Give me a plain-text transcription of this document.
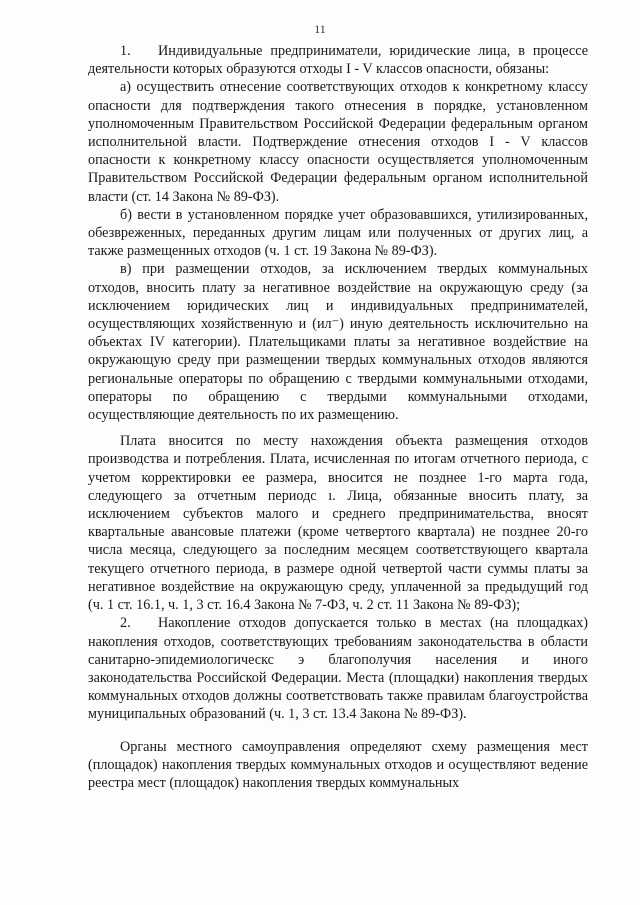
11

1. Индивидуальные предприниматели, юридические лица, в процессе деятельности которых образуются отходы I - V классов опасности, обязаны:

а) осуществить отнесение соответствующих отходов к конкретному классу опасности для подтверждения такого отнесения в порядке, установленном уполномоченным Правительством Российской Федерации федеральным органом исполнительной власти. Подтверждение отнесения отходов I - V классов опасности к конкретному классу опасности осуществляется уполномоченным Правительством Российской Федерации федеральным органом исполнительной власти (ст. 14 Закона № 89-ФЗ).

б) вести в установленном порядке учет образовавшихся, утилизированных, обезвреженных, переданных другим лицам или полученных от других лиц, а также размещенных отходов (ч. 1 ст. 19 Закона № 89-ФЗ).

в) при размещении отходов, за исключением твердых коммунальных отходов, вносить плату за негативное воздействие на окружающую среду (за исключением юридических лиц и индивидуальных предпринимателей, осуществляющих хозяйственную и (ил⁻) иную деятельность исключительно на объектах IV категории). Плательщиками платы за негативное воздействие на окружающую среду при размещении твердых коммунальных отходов являются региональные операторы по обращению с твердыми коммунальными отходами, операторы по обращению с твердыми коммунальными отходами, осуществляющие деятельность по их размещению.

Плата вносится по месту нахождения объекта размещения отходов производства и потребления. Плата, исчисленная по итогам отчетного периода, с учетом корректировки ее размера, вносится не позднее 1-го марта года, следующего за отчетным периодс ı. Лица, обязанные вносить плату, за исключением субъектов малого и среднего предпринимательства, вносят квартальные авансовые платежи (кроме четвертого квартала) не позднее 20-го числа месяца, следующего за последним месяцем соответствующего квартала текущего отчетного периода, в размере одной четвертой части суммы платы за негативное воздействие на окружающую среду, уплаченной за предыдущий год (ч. 1 ст. 16.1, ч. 1, 3 ст. 16.4 Закона № 7-ФЗ, ч. 2 ст. 11 Закона № 89-ФЗ);

2. Накопление отходов допускается только в местах (на площадках) накопления отходов, соответствующих требованиям законодательства в области санитарно-эпидемиологическс э благополучия населения и иного законодательства Российской Федерации. Места (площадки) накопления твердых коммунальных отходов должны соответствовать также правилам благоустройства муниципальных образований (ч. 1, 3 ст. 13.4 Закона № 89-ФЗ).

Органы местного самоуправления определяют схему размещения мест (площадок) накопления твердых коммунальных отходов и осуществляют ведение реестра мест (площадок) накопления твердых коммунальных
